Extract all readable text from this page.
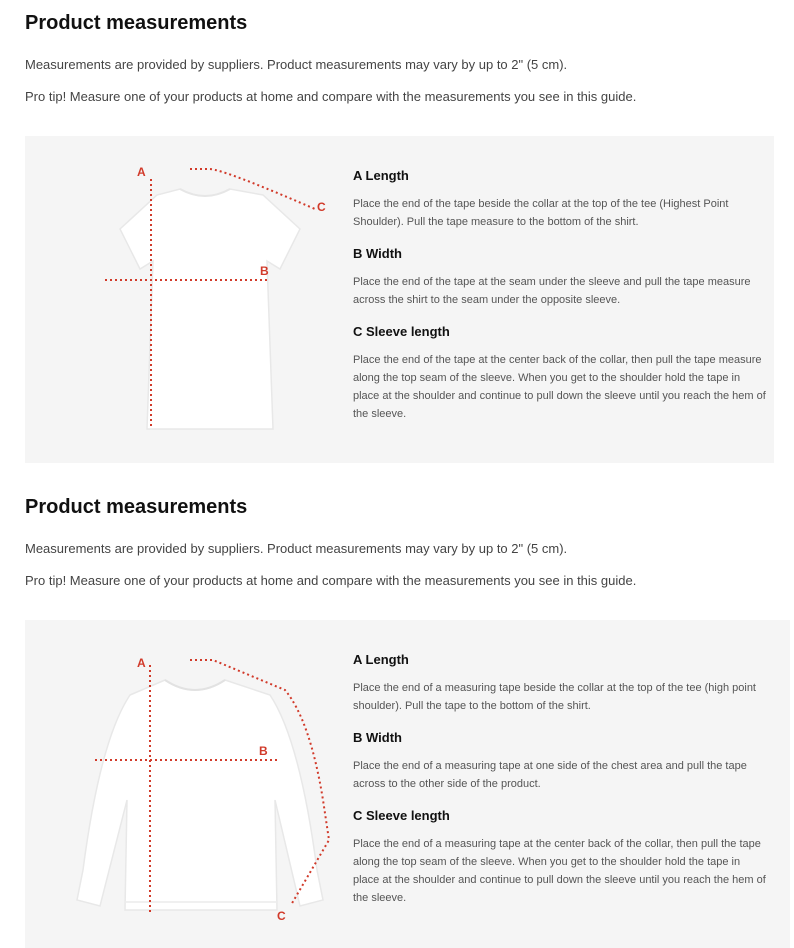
Product measurements

Measurements are provided by suppliers. Product measurements may vary by up to 2" (5 cm).

Pro tip! Measure one of your products at home and compare with the measurements you see in this guide.

A
B
C
A Length

Place the end of the tape beside the collar at the top of the tee (Highest Point Shoulder). Pull the tape measure to the bottom of the shirt.

B Width

Place the end of the tape at the seam under the sleeve and pull the tape measure across the shirt to the seam under the opposite sleeve.

C Sleeve length

Place the end of the tape at the center back of the collar, then pull the tape measure along the top seam of the sleeve. When you get to the shoulder hold the tape in place at the shoulder and continue to pull down the sleeve until you reach the hem of the sleeve.

Product measurements

Measurements are provided by suppliers. Product measurements may vary by up to 2" (5 cm).

Pro tip! Measure one of your products at home and compare with the measurements you see in this guide.

A
B
C
A Length

Place the end of a measuring tape beside the collar at the top of the tee (high point shoulder). Pull the tape to the bottom of the shirt.

B Width

Place the end of a measuring tape at one side of the chest area and pull the tape across to the other side of the product.

C Sleeve length

Place the end of a measuring tape at the center back of the collar, then pull the tape along the top seam of the sleeve. When you get to the shoulder hold the tape in place at the shoulder and continue to pull down the sleeve until you reach the hem of the sleeve.
